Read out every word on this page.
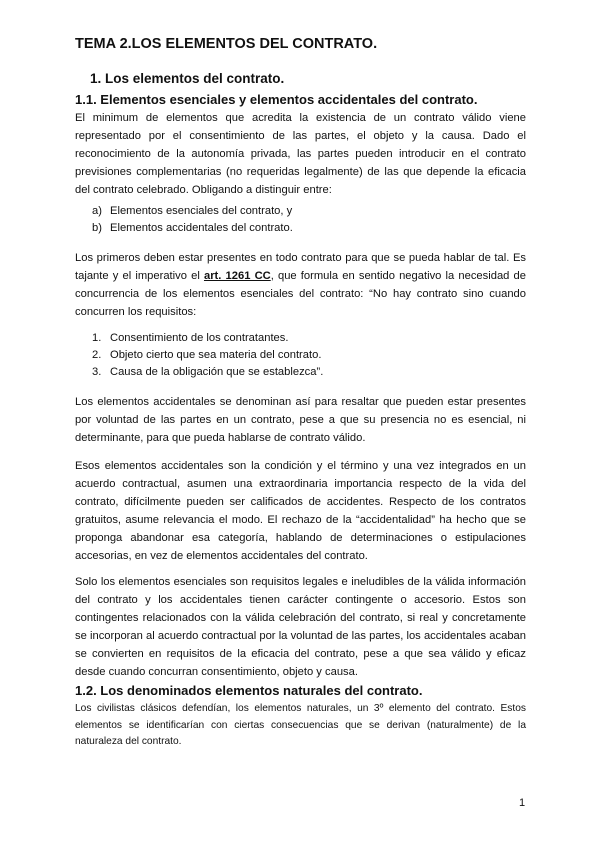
TEMA 2.LOS ELEMENTOS DEL CONTRATO.
1. Los elementos del contrato.
1.1. Elementos esenciales y elementos accidentales del contrato.
El minimum de elementos que acredita la existencia de un contrato válido viene representado por el consentimiento de las partes, el objeto y la causa. Dado el reconocimiento de la autonomía privada, las partes pueden introducir en el contrato previsiones complementarias (no requeridas legalmente) de las que depende la eficacia del contrato celebrado. Obligando a distinguir entre:
a) Elementos esenciales del contrato, y
b) Elementos accidentales del contrato.
Los primeros deben estar presentes en todo contrato para que se pueda hablar de tal. Es tajante y el imperativo el art. 1261 CC, que formula en sentido negativo la necesidad de concurrencia de los elementos esenciales del contrato: “No hay contrato sino cuando concurren los requisitos:
1. Consentimiento de los contratantes.
2. Objeto cierto que sea materia del contrato.
3. Causa de la obligación que se establezca”.
Los elementos accidentales se denominan así para resaltar que pueden estar presentes por voluntad de las partes en un contrato, pese a que su presencia no es esencial, ni determinante, para que pueda hablarse de contrato válido.
Esos elementos accidentales son la condición y el término y una vez integrados en un acuerdo contractual, asumen una extraordinaria importancia respecto de la vida del contrato, difícilmente pueden ser calificados de accidentes. Respecto de los contratos gratuitos, asume relevancia el modo. El rechazo de la “accidentalidad” ha hecho que se proponga abandonar esa categoría, hablando de determinaciones o estipulaciones accesorias, en vez de elementos accidentales del contrato.
Solo los elementos esenciales son requisitos legales e ineludibles de la válida información del contrato y los accidentales tienen carácter contingente o accesorio. Estos son contingentes relacionados con la válida celebración del contrato, si real y concretamente se incorporan al acuerdo contractual por la voluntad de las partes, los accidentales acaban se convierten en requisitos de la eficacia del contrato, pese a que sea válido y eficaz desde cuando concurran consentimiento, objeto y causa.
1.2. Los denominados elementos naturales del contrato.
Los civilistas clásicos defendían, los elementos naturales, un 3º elemento del contrato. Estos elementos se identificarían con ciertas consecuencias que se derivan (naturalmente) de la naturaleza del contrato.
1
